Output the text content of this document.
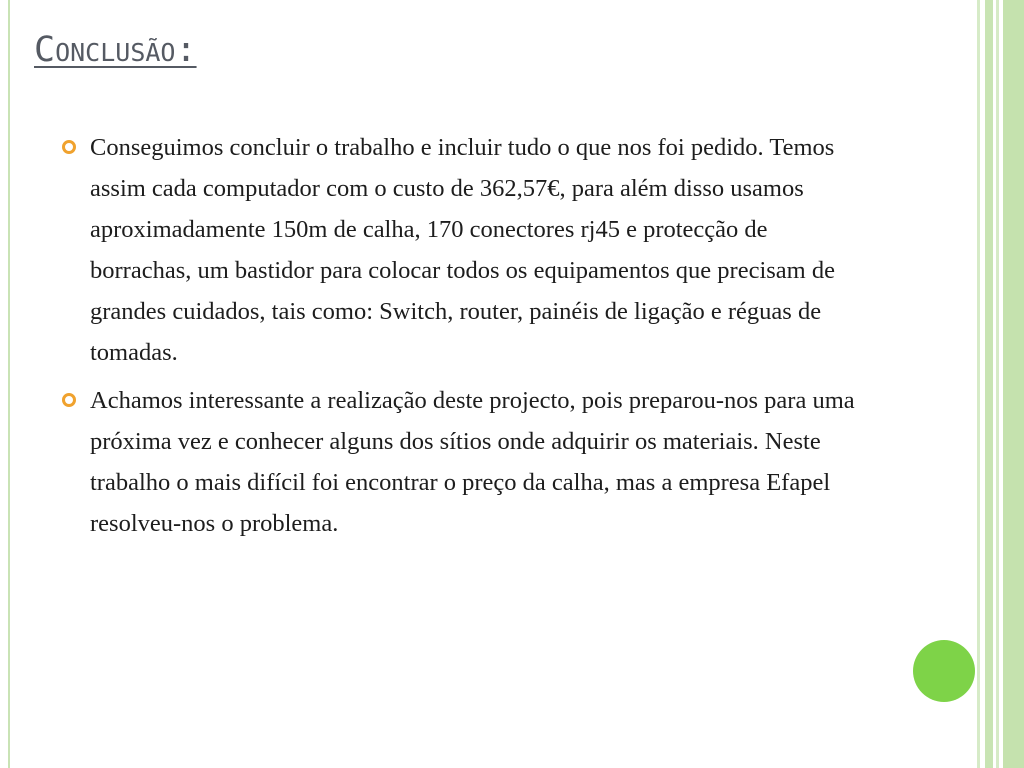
Conclusão:
Conseguimos concluir o trabalho e incluir tudo o que nos foi pedido. Temos assim cada computador com o custo de 362,57€, para além disso usamos aproximadamente 150m de calha, 170 conectores rj45 e protecção de borrachas, um bastidor para colocar todos os equipamentos que precisam de grandes cuidados, tais como: Switch, router, painéis de ligação e réguas de tomadas.
Achamos interessante a realização deste projecto, pois preparou-nos para uma próxima vez e conhecer alguns dos sítios onde adquirir os materiais. Neste trabalho o mais difícil foi encontrar o preço da calha, mas a empresa Efapel resolveu-nos o problema.
